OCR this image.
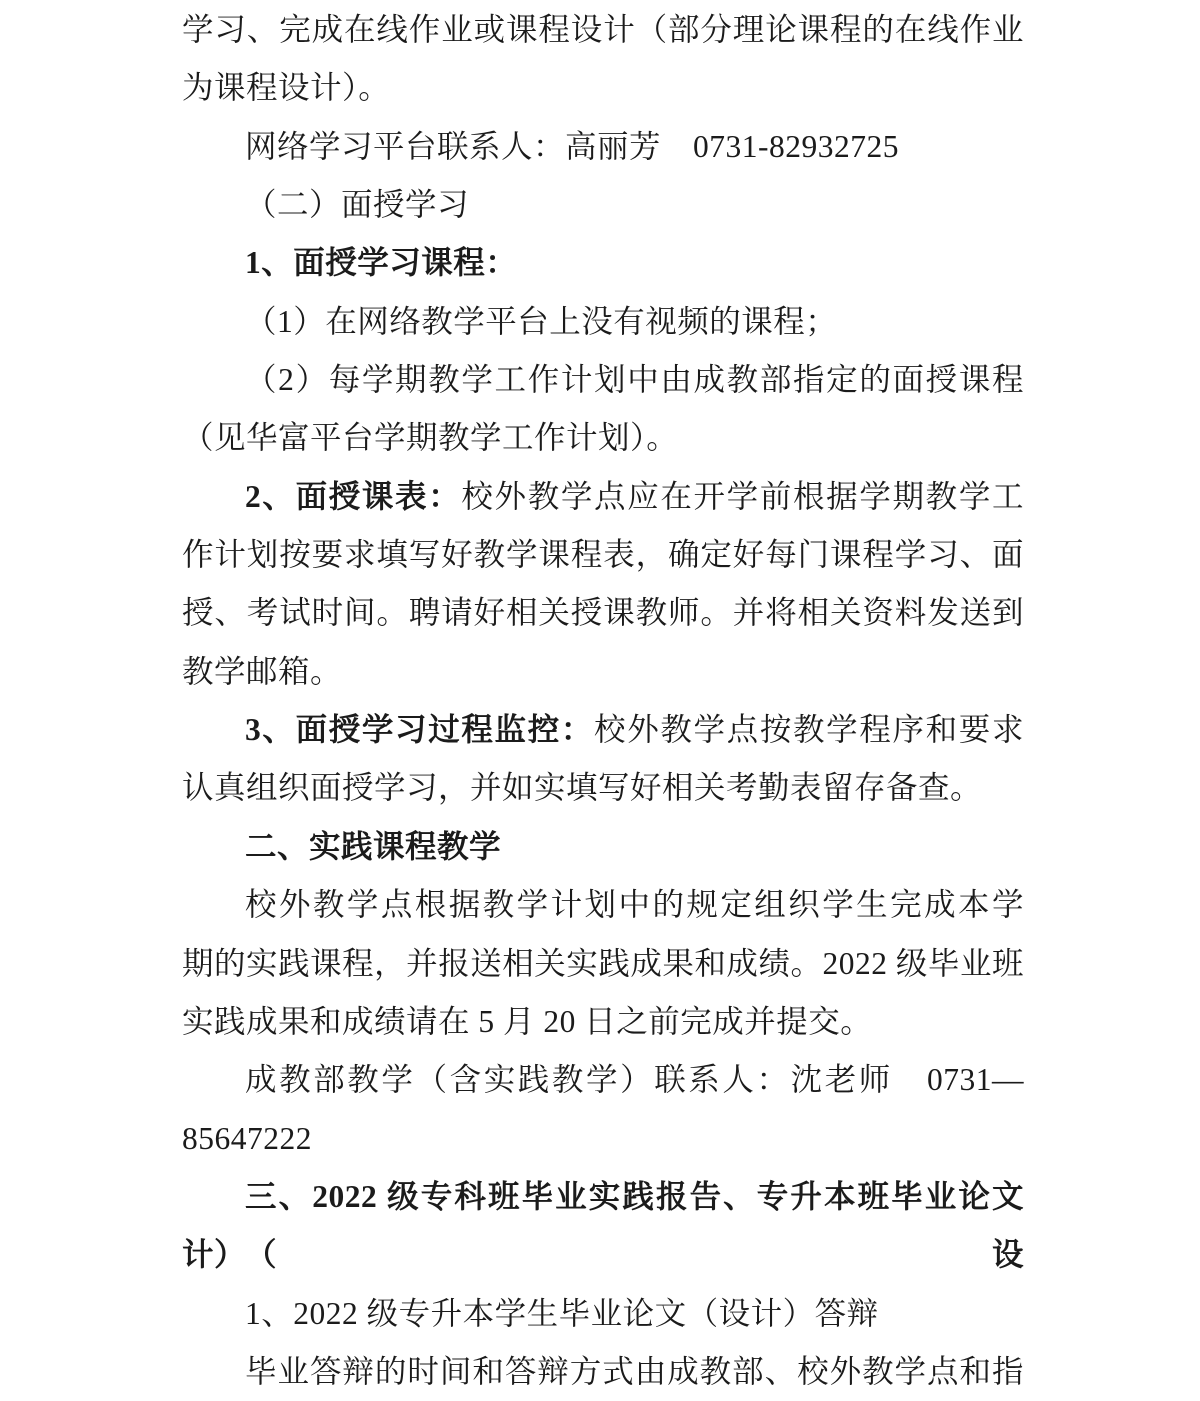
学习、完成在线作业或课程设计（部分理论课程的在线作业
为课程设计）。
网络学习平台联系人：高丽芳　0731-82932725
（二）面授学习
1、面授学习课程：
（1）在网络教学平台上没有视频的课程；
（2）每学期教学工作计划中由成教部指定的面授课程
（见华富平台学期教学工作计划）。
2、面授课表：校外教学点应在开学前根据学期教学工
作计划按要求填写好教学课程表，确定好每门课程学习、面
授、考试时间。聘请好相关授课教师。并将相关资料发送到
教学邮箱。
3、面授学习过程监控：校外教学点按教学程序和要求
认真组织面授学习，并如实填写好相关考勤表留存备查。
二、实践课程教学
校外教学点根据教学计划中的规定组织学生完成本学
期的实践课程，并报送相关实践成果和成绩。2022 级毕业班
实践成果和成绩请在 5 月 20 日之前完成并提交。
成教部教学（含实践教学）联系人：沈老师　0731—
85647222
三、2022 级专科班毕业实践报告、专升本班毕业论文（设
计）
1、2022 级专升本学生毕业论文（设计）答辩
毕业答辩的时间和答辩方式由成教部、校外教学点和指
